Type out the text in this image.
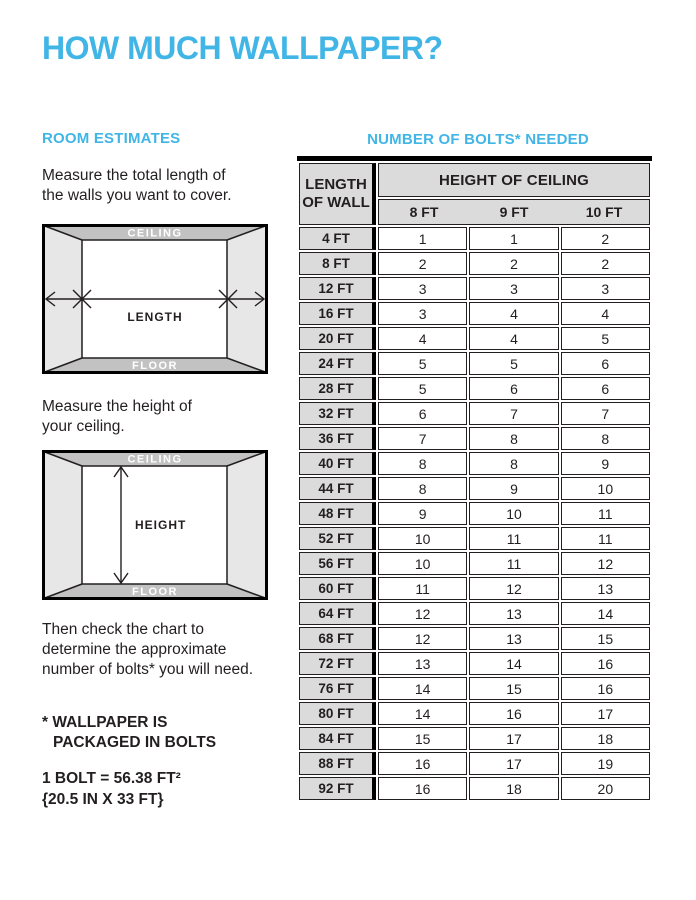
HOW MUCH WALLPAPER?
ROOM ESTIMATES

Measure the total length of
the walls you want to cover.

CEILING
FLOOR
LENGTH

Measure the height of
your ceiling.

CEILING
FLOOR
HEIGHT

Then check the chart to
determine the approximate
number of bolts* you will need.

* WALLPAPER IS
PACKAGED IN BOLTS

1 BOLT = 56.38 FT²
{20.5 IN X 33 FT}

NUMBER OF BOLTS* NEEDED
LENGTH
OF WALL	HEIGHT OF CEILING		

	8 FT 9 FT 10 FT		

4 FT	1	1	2
8 FT	2	2	2
12 FT	3	3	3
16 FT	3	4	4
20 FT	4	4	5
24 FT	5	5	6
28 FT	5	6	6
32 FT	6	7	7
36 FT	7	8	8
40 FT	8	8	9
44 FT	8	9	10
48 FT	9	10	11
52 FT	10	11	11
56 FT	10	11	12
60 FT	11	12	13
64 FT	12	13	14
68 FT	12	13	15
72 FT	13	14	16
76 FT	14	15	16
80 FT	14	16	17
84 FT	15	17	18
88 FT	16	17	19
92 FT	16	18	20
